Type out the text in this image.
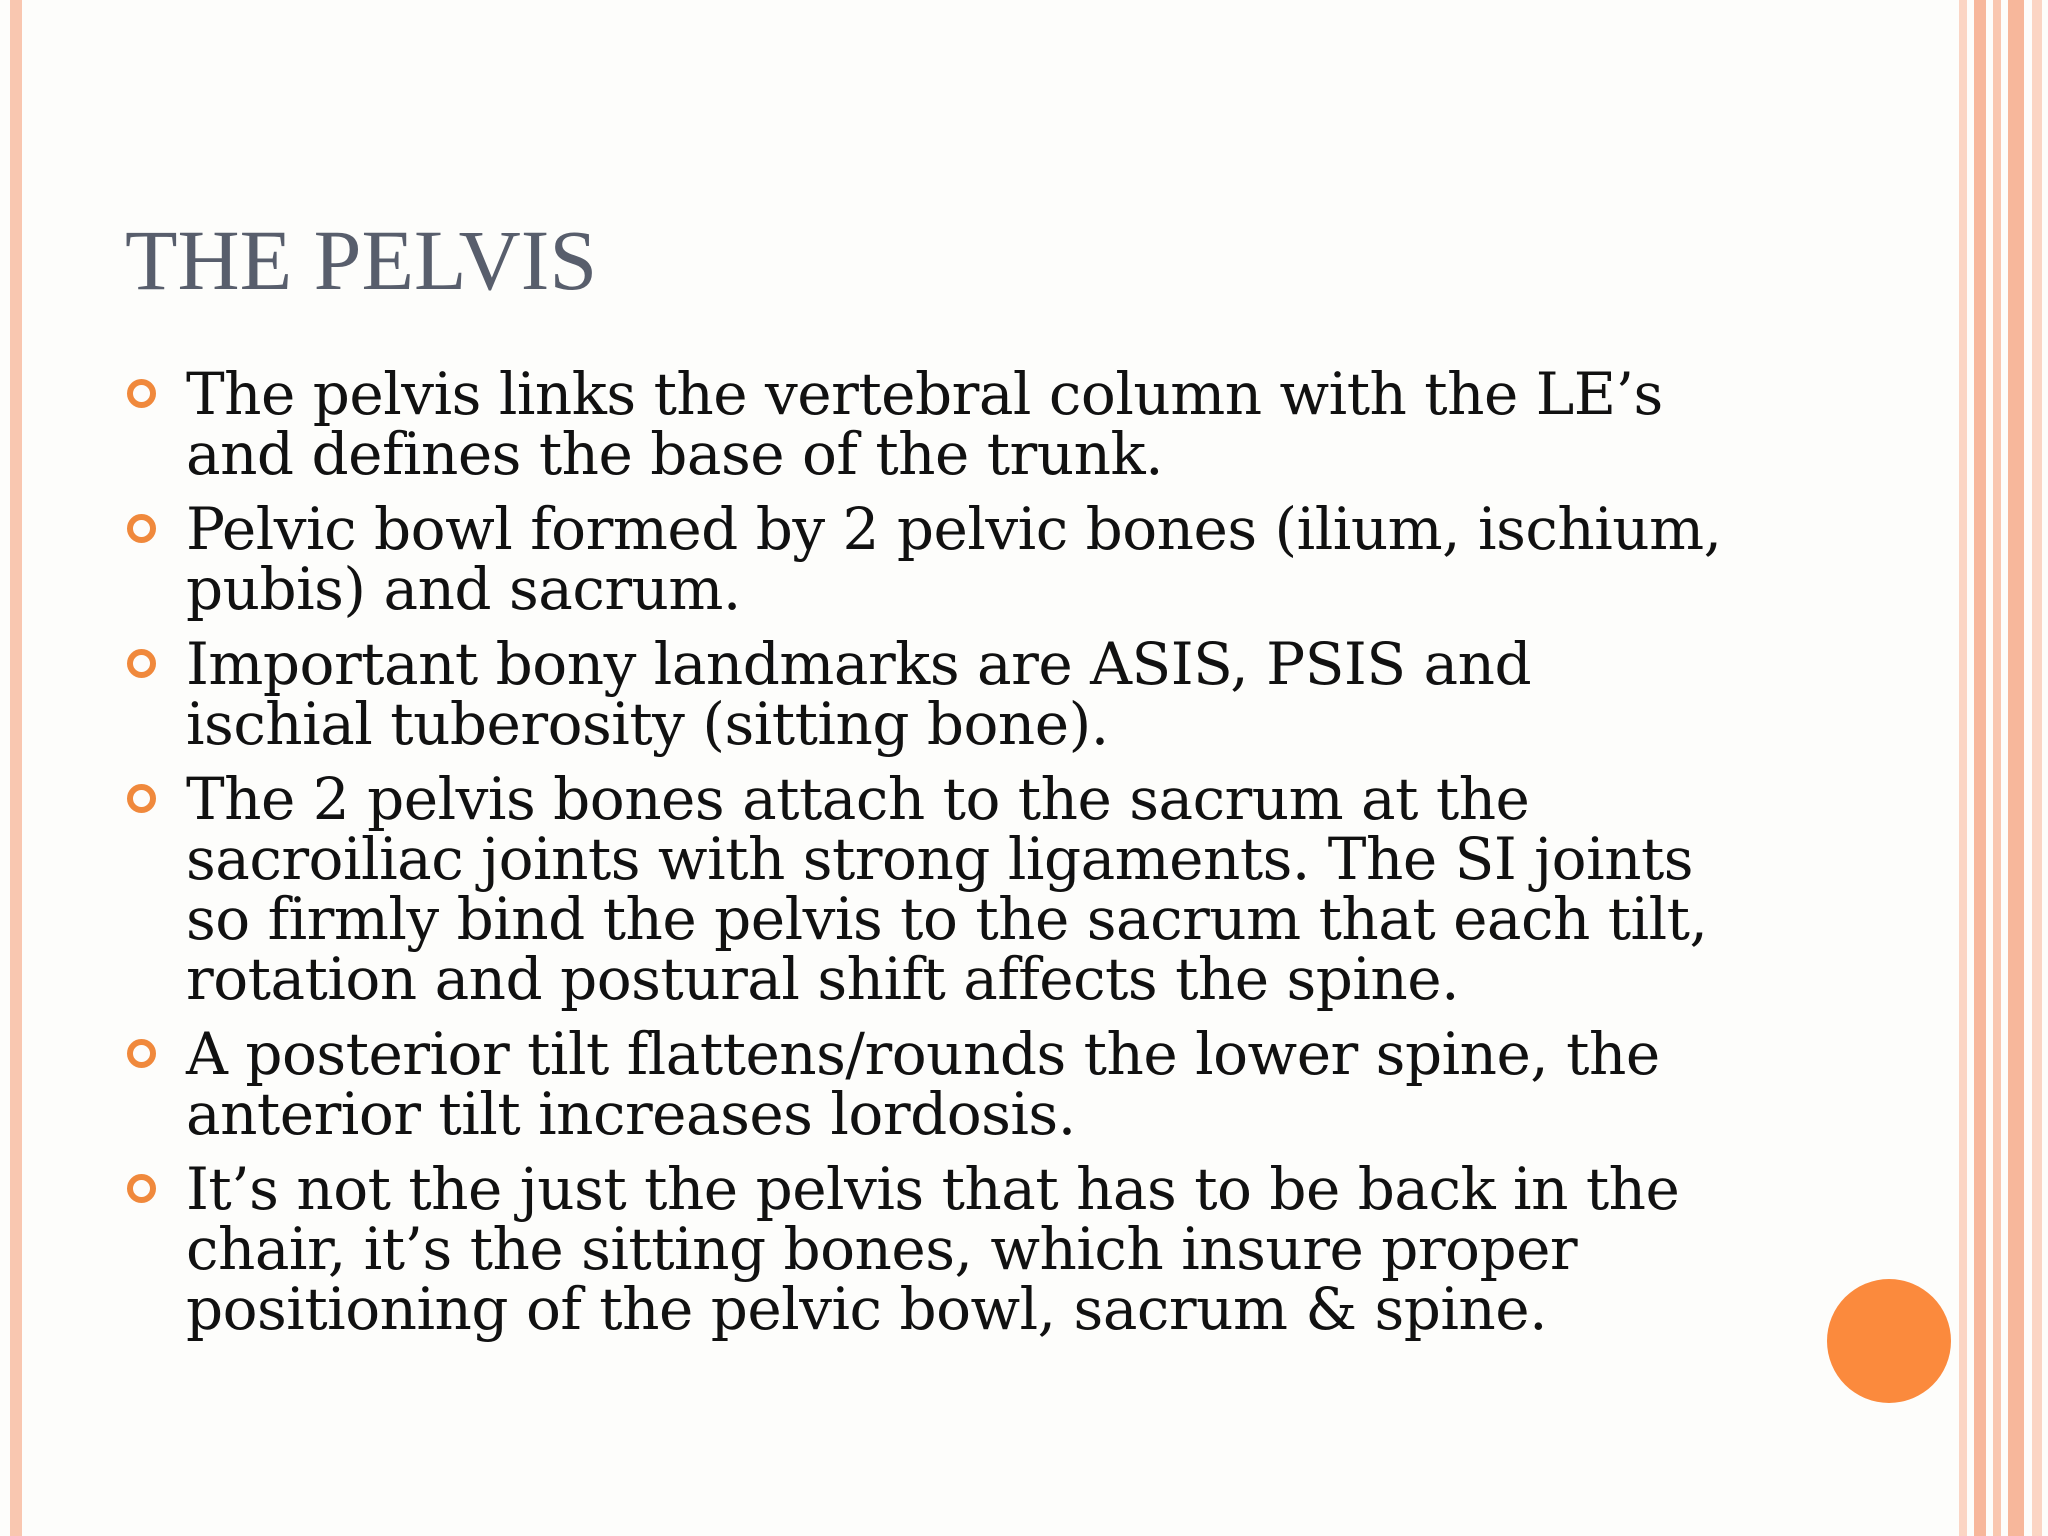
THE PELVIS
The pelvis links the vertebral column with the LE’s
and defines the base of the trunk.
Pelvic bowl formed by 2 pelvic bones (ilium, ischium,
pubis) and sacrum.
Important bony landmarks are ASIS, PSIS and
ischial tuberosity (sitting bone).
The 2 pelvis bones attach to the sacrum at the
sacroiliac joints with strong ligaments. The SI joints
so firmly bind the pelvis to the sacrum that each tilt,
rotation and postural shift affects the spine.
A posterior tilt flattens/rounds the lower spine, the
anterior tilt increases lordosis.
It’s not the just the pelvis that has to be back in the
chair, it’s the sitting bones, which insure proper
positioning of the pelvic bowl, sacrum & spine.
